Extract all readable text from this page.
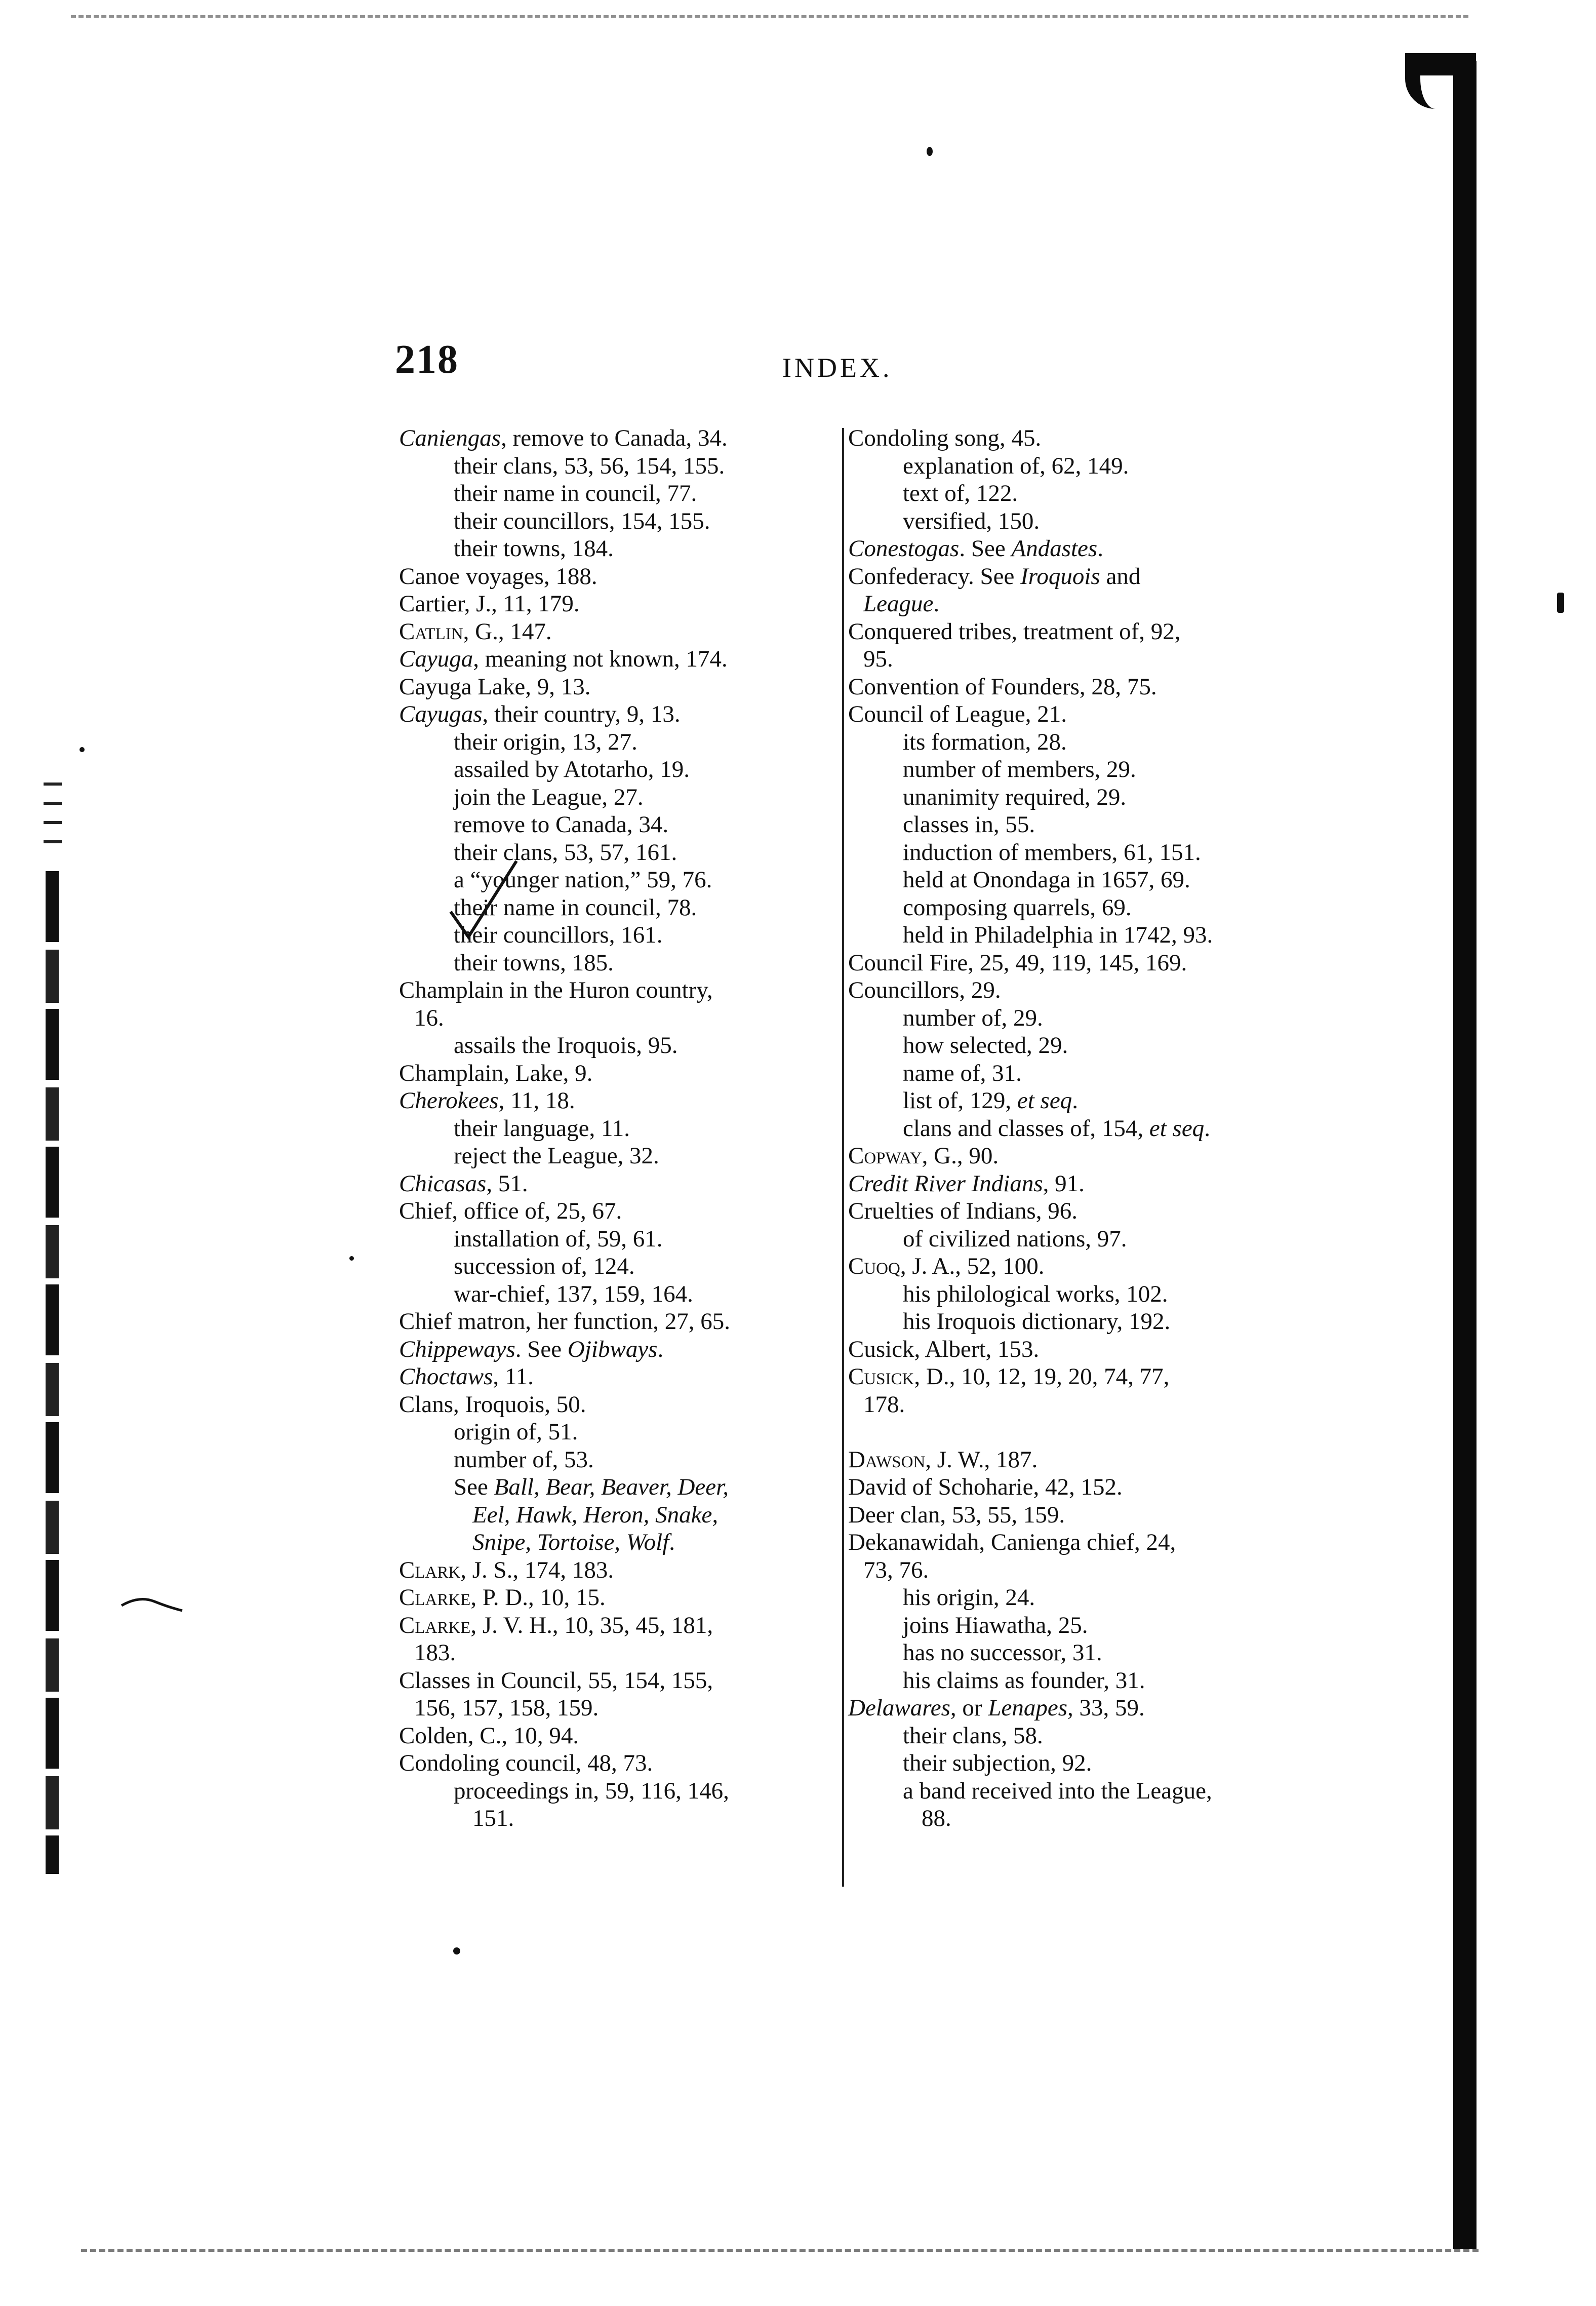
218	INDEX.
Caniengas, remove to Canada, 34.
their clans, 53, 56, 154, 155.
their name in council, 77.
their councillors, 154, 155.
their towns, 184.
Canoe voyages, 188.
Cartier, J., 11, 179.
Catlin, G., 147.
Cayuga, meaning not known, 174.
Cayuga Lake, 9, 13.
Cayugas, their country, 9, 13.
their origin, 13, 27.
assailed by Atotarho, 19.
join the League, 27.
remove to Canada, 34.
their clans, 53, 57, 161.
a “younger nation,” 59, 76.
their name in council, 78.
their councillors, 161.
their towns, 185.
Champlain in the Huron country,
16.
assails the Iroquois, 95.
Champlain, Lake, 9.
Cherokees, 11, 18.
their language, 11.
reject the League, 32.
Chicasas, 51.
Chief, office of, 25, 67.
installation of, 59, 61.
succession of, 124.
war-chief, 137, 159, 164.
Chief matron, her function, 27, 65.
Chippeways. See Ojibways.
Choctaws, 11.
Clans, Iroquois, 50.
origin of, 51.
number of, 53.
See Ball, Bear, Beaver, Deer,
Eel, Hawk, Heron, Snake,
Snipe, Tortoise, Wolf.
Clark, J. S., 174, 183.
Clarke, P. D., 10, 15.
Clarke, J. V. H., 10, 35, 45, 181,
183.
Classes in Council, 55, 154, 155,
156, 157, 158, 159.
Colden, C., 10, 94.
Condoling council, 48, 73.
proceedings in, 59, 116, 146,
151.
Condoling song, 45.
explanation of, 62, 149.
text of, 122.
versified, 150.
Conestogas. See Andastes.
Confederacy. See Iroquois and
League.
Conquered tribes, treatment of, 92,
95.
Convention of Founders, 28, 75.
Council of League, 21.
its formation, 28.
number of members, 29.
unanimity required, 29.
classes in, 55.
induction of members, 61, 151.
held at Onondaga in 1657, 69.
composing quarrels, 69.
held in Philadelphia in 1742, 93.
Council Fire, 25, 49, 119, 145, 169.
Councillors, 29.
number of, 29.
how selected, 29.
name of, 31.
list of, 129, et seq.
clans and classes of, 154, et seq.
Copway, G., 90.
Credit River Indians, 91.
Cruelties of Indians, 96.
of civilized nations, 97.
Cuoq, J. A., 52, 100.
his philological works, 102.
his Iroquois dictionary, 192.
Cusick, Albert, 153.
Cusick, D., 10, 12, 19, 20, 74, 77,
178.
Dawson, J. W., 187.
David of Schoharie, 42, 152.
Deer clan, 53, 55, 159.
Dekanawidah, Canienga chief, 24,
73, 76.
his origin, 24.
joins Hiawatha, 25.
has no successor, 31.
his claims as founder, 31.
Delawares, or Lenapes, 33, 59.
their clans, 58.
their subjection, 92.
a band received into the League,
88.
